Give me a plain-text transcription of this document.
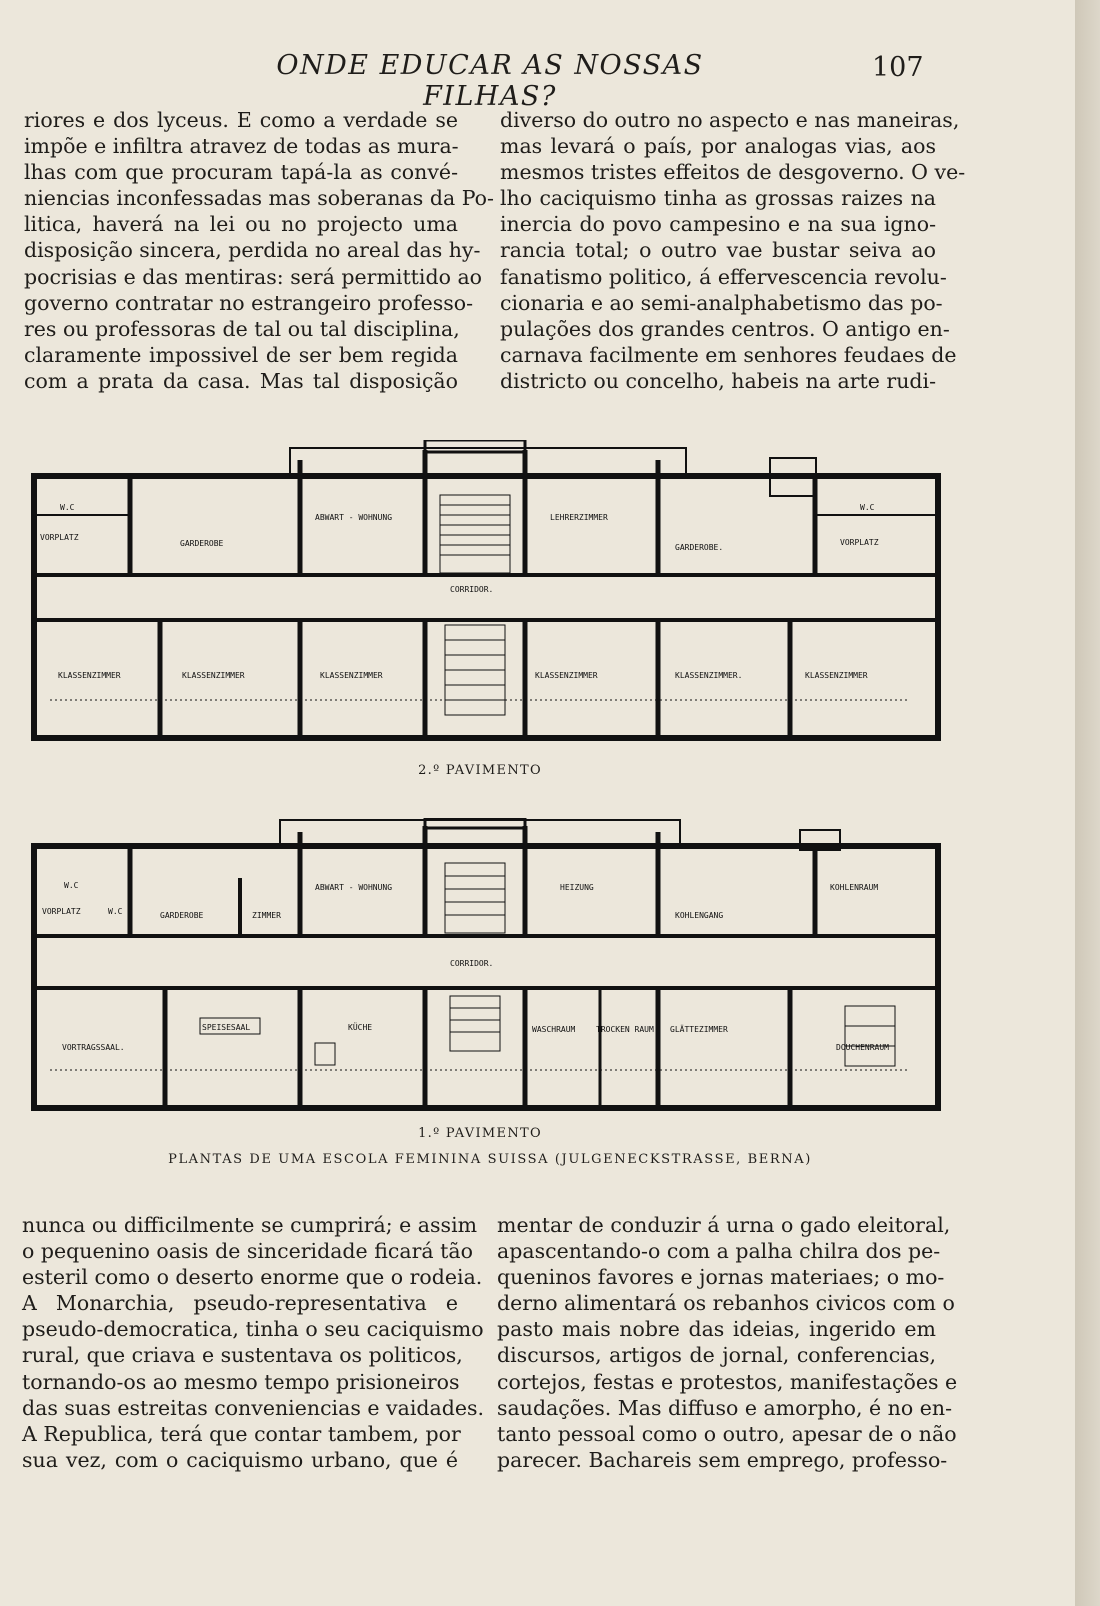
ONDE EDUCAR AS NOSSAS FILHAS?
107
riores e dos lyceus. E como a verdade se
impõe e infiltra atravez de todas as mura-
lhas com que procuram tapá-la as convé-
niencias inconfessadas mas soberanas da Po-
litica, haverá na lei ou no projecto uma
disposição sincera, perdida no areal das hy-
pocrisias e das mentiras: será permittido ao
governo contratar no estrangeiro professo-
res ou professoras de tal ou tal disciplina,
claramente impossivel de ser bem regida
com a prata da casa. Mas tal disposição
diverso do outro no aspecto e nas maneiras,
mas levará o país, por analogas vias, aos
mesmos tristes effeitos de desgoverno. O ve-
lho caciquismo tinha as grossas raizes na
inercia do povo campesino e na sua igno-
rancia total; o outro vae bustar seiva ao
fanatismo politico, á effervescencia revolu-
cionaria e ao semi-analphabetismo das po-
pulações dos grandes centros. O antigo en-
carnava facilmente em senhores feudaes de
districto ou concelho, habeis na arte rudi-
W.C
VORPLATZ
GARDEROBE
ABWART - WOHNUNG	LEHRERZIMMER
GARDEROBE.
W.C
VORPLATZ
CORRIDOR.
KLASSENZIMMER	KLASSENZIMMER	KLASSENZIMMER	KLASSENZIMMER	KLASSENZIMMER.	KLASSENZIMMER
2.º PAVIMENTO
W.C
VORPLATZ	W.C	GARDEROBE	ZIMMER
ABWART - WOHNUNG	HEIZUNG
KOHLENGANG
KOHLENRAUM
CORRIDOR.
VORTRAGSSAAL.
SPEISESAAL	KÜCHE	WASCHRAUM	TROCKEN RAUM GLÄTTEZIMMER
DOUCHENRAUM
1.º PAVIMENTO
PLANTAS DE UMA ESCOLA FEMININA SUISSA (JULGENECKSTRASSE, BERNA)
nunca ou difficilmente se cumprirá; e assim
o pequenino oasis de sinceridade ficará tão
esteril como o deserto enorme que o rodeia.
A Monarchia, pseudo-representativa e
pseudo-democratica, tinha o seu caciquismo
rural, que criava e sustentava os politicos,
tornando-os ao mesmo tempo prisioneiros
das suas estreitas conveniencias e vaidades.
A Republica, terá que contar tambem, por
sua vez, com o caciquismo urbano, que é
mentar de conduzir á urna o gado eleitoral,
apascentando-o com a palha chilra dos pe-
queninos favores e jornas materiaes; o mo-
derno alimentará os rebanhos civicos com o
pasto mais nobre das ideias, ingerido em
discursos, artigos de jornal, conferencias,
cortejos, festas e protestos, manifestações e
saudações. Mas diffuso e amorpho, é no en-
tanto pessoal como o outro, apesar de o não
parecer. Bachareis sem emprego, professo-
